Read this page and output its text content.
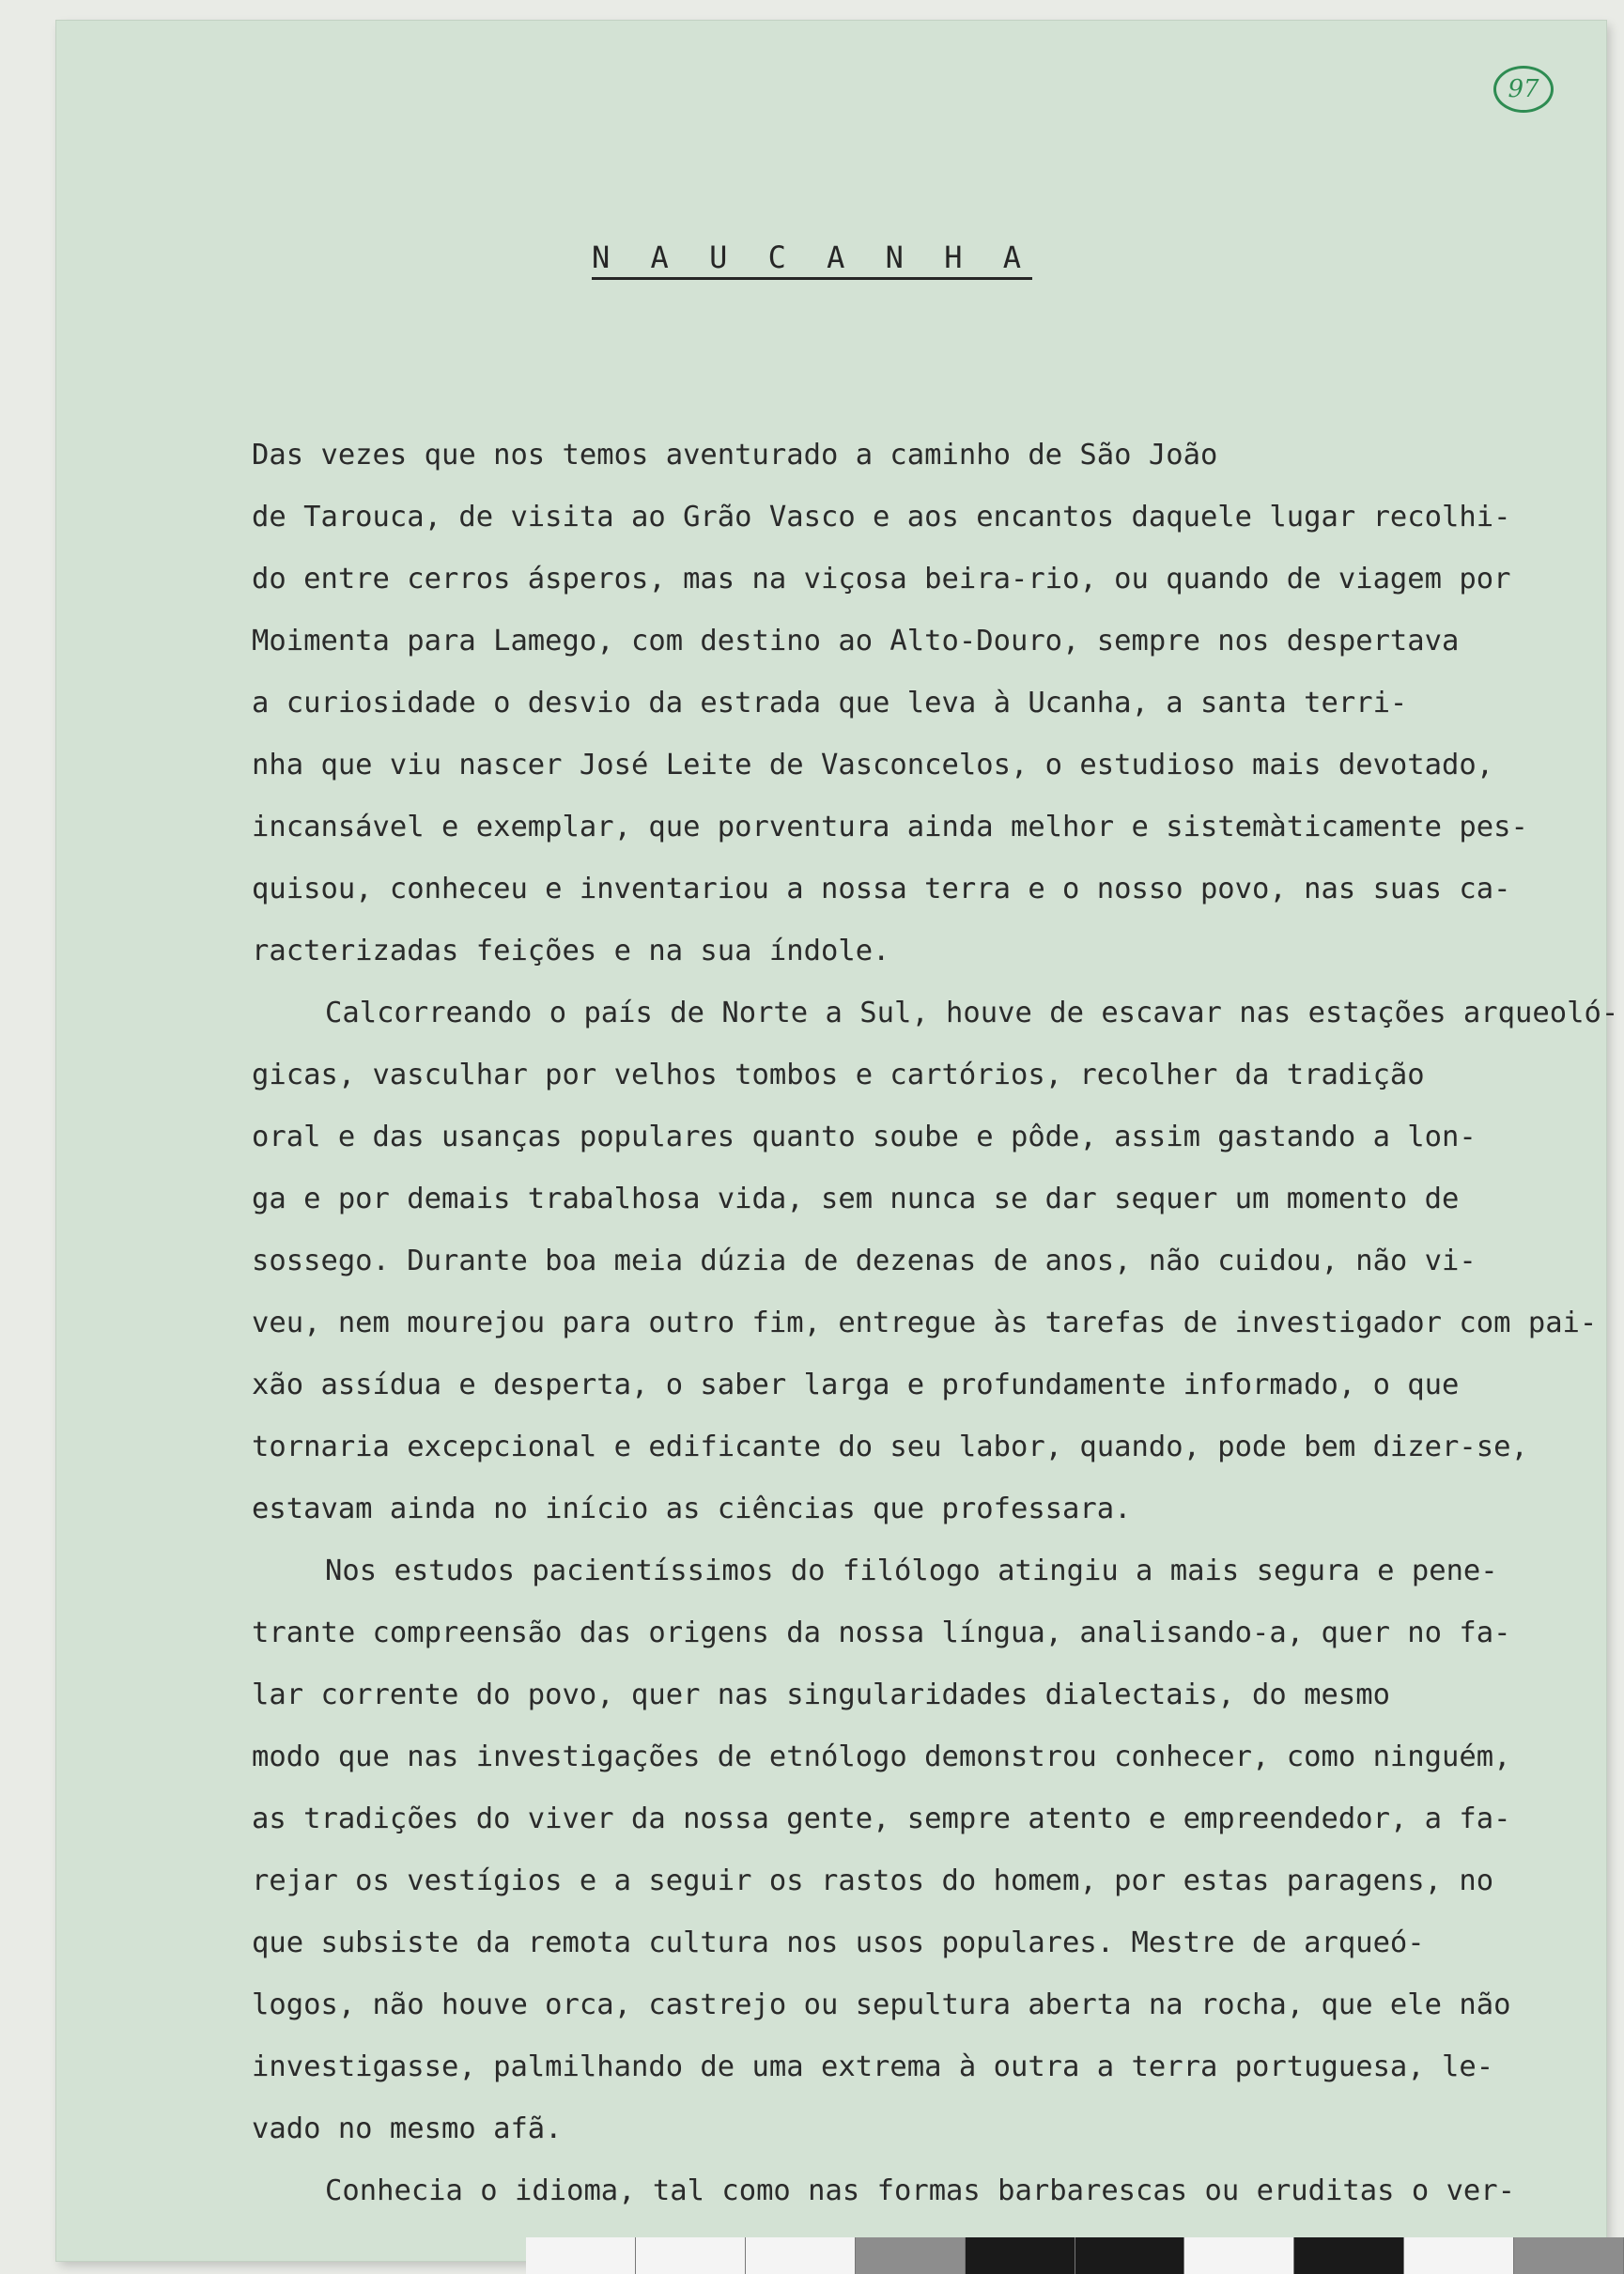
97
N A U C A N H A
Das vezes que nos temos aventurado a caminho de São João
de Tarouca, de visita ao Grão Vasco e aos encantos daquele lugar recolhi-
do entre cerros ásperos, mas na viçosa beira-rio, ou quando de viagem por
Moimenta para Lamego, com destino ao Alto-Douro, sempre nos despertava
a curiosidade o desvio da estrada que leva à Ucanha, a santa terri-
nha que viu nascer José Leite de Vasconcelos, o estudioso mais devotado,
incansável e exemplar, que porventura ainda melhor e sistemàticamente pes-
quisou, conheceu e inventariou a nossa terra e o nosso povo, nas suas ca-
racterizadas feições e na sua índole.
Calcorreando o país de Norte a Sul, houve de escavar nas estações arqueoló-
gicas, vasculhar por velhos tombos e cartórios, recolher da tradição
oral e das usanças populares quanto soube e pôde, assim gastando a lon-
ga e por demais trabalhosa vida, sem nunca se dar sequer um momento de
sossego. Durante boa meia dúzia de dezenas de anos, não cuidou, não vi-
veu, nem mourejou para outro fim, entregue às tarefas de investigador com pai-
xão assídua e desperta, o saber larga e profundamente informado, o que
tornaria excepcional e edificante do seu labor, quando, pode bem dizer-se,
estavam ainda no início as ciências que professara.
Nos estudos pacientíssimos do filólogo atingiu a mais segura e pene-
trante compreensão das origens da nossa língua, analisando-a, quer no fa-
lar corrente do povo, quer nas singularidades dialectais, do mesmo
modo que nas investigações de etnólogo demonstrou conhecer, como ninguém,
as tradições do viver da nossa gente, sempre atento e empreendedor, a fa-
rejar os vestígios e a seguir os rastos do homem, por estas paragens, no
que subsiste da remota cultura nos usos populares. Mestre de arqueó-
logos, não houve orca, castrejo ou sepultura aberta na rocha, que ele não
investigasse, palmilhando de uma extrema à outra a terra portuguesa, le-
vado no mesmo afã.
Conhecia o idioma, tal como nas formas barbarescas ou eruditas o ver-
